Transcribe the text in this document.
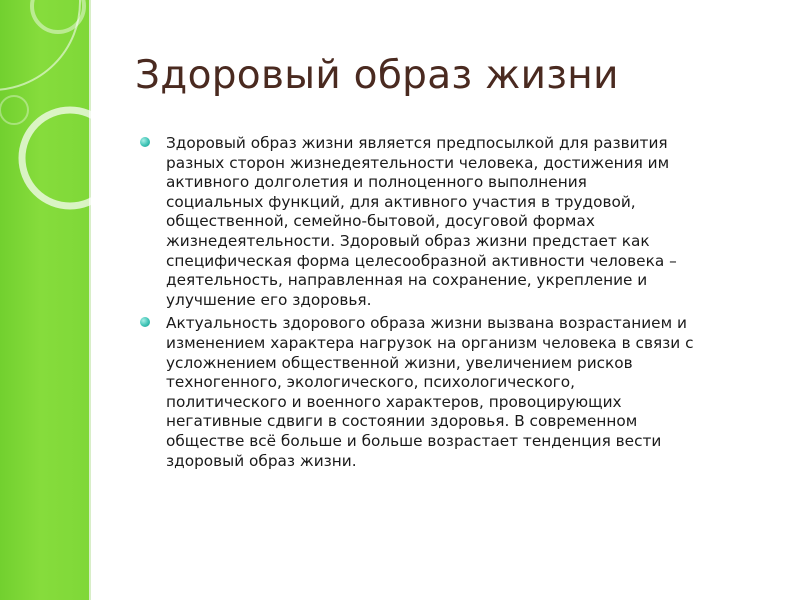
Здоровый образ жизни
Здоровый образ жизни является предпосылкой для развития
разных сторон жизнедеятельности человека, достижения им
активного долголетия и полноценного выполнения
социальных функций, для активного участия в трудовой,
общественной, семейно-бытовой, досуговой формах
жизнедеятельности. Здоровый образ жизни предстает как
специфическая форма целесообразной активности человека –
деятельность, направленная на сохранение, укрепление и
улучшение его здоровья.
Актуальность здорового образа жизни вызвана возрастанием и
изменением характера нагрузок на организм человека в связи с
усложнением общественной жизни, увеличением рисков
техногенного, экологического, психологического,
политического и военного характеров, провоцирующих
негативные сдвиги в состоянии здоровья. В современном
обществе всё больше и больше возрастает тенденция вести
здоровый образ жизни.
